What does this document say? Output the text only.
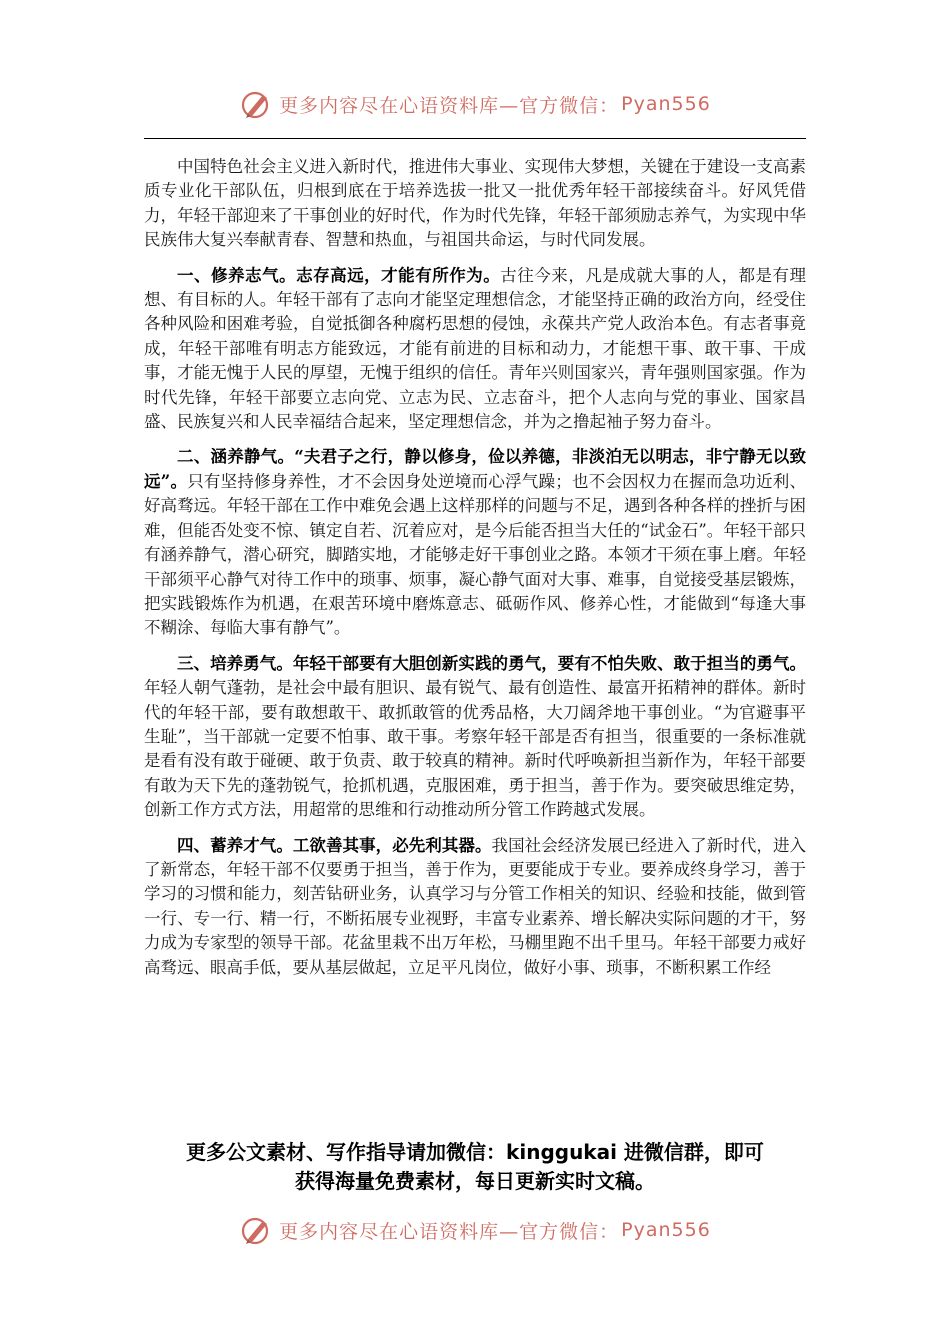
更多内容尽在心语资料库—官方微信： Pyan556

中国特色社会主义进入新时代，推进伟大事业、实现伟大梦想，关键在于建设一支高素质专业化干部队伍，归根到底在于培养选拔一批又一批优秀年轻干部接续奋斗。好风凭借力，年轻干部迎来了干事创业的好时代，作为时代先锋，年轻干部须励志养气，为实现中华民族伟大复兴奉献青春、智慧和热血，与祖国共命运，与时代同发展。

一、修养志气。志存高远，才能有所作为。古往今来，凡是成就大事的人，都是有理想、有目标的人。年轻干部有了志向才能坚定理想信念，才能坚持正确的政治方向，经受住各种风险和困难考验，自觉抵御各种腐朽思想的侵蚀，永葆共产党人政治本色。有志者事竟成，年轻干部唯有明志方能致远，才能有前进的目标和动力，才能想干事、敢干事、干成事，才能无愧于人民的厚望，无愧于组织的信任。青年兴则国家兴，青年强则国家强。作为时代先锋，年轻干部要立志向党、立志为民、立志奋斗，把个人志向与党的事业、国家昌盛、民族复兴和人民幸福结合起来，坚定理想信念，并为之撸起袖子努力奋斗。

二、涵养静气。“夫君子之行，静以修身，俭以养德，非淡泊无以明志，非宁静无以致远”。只有坚持修身养性，才不会因身处逆境而心浮气躁；也不会因权力在握而急功近利、好高骛远。年轻干部在工作中难免会遇上这样那样的问题与不足，遇到各种各样的挫折与困难，但能否处变不惊、镇定自若、沉着应对，是今后能否担当大任的“试金石”。年轻干部只有涵养静气，潜心研究，脚踏实地，才能够走好干事创业之路。本领才干须在事上磨。年轻干部须平心静气对待工作中的琐事、烦事，凝心静气面对大事、难事，自觉接受基层锻炼，把实践锻炼作为机遇，在艰苦环境中磨炼意志、砥砺作风、修养心性，才能做到“每逢大事不糊涂、每临大事有静气”。

三、培养勇气。年轻干部要有大胆创新实践的勇气，要有不怕失败、敢于担当的勇气。年轻人朝气蓬勃，是社会中最有胆识、最有锐气、最有创造性、最富开拓精神的群体。新时代的年轻干部，要有敢想敢干、敢抓敢管的优秀品格，大刀阔斧地干事创业。“为官避事平生耻”，当干部就一定要不怕事、敢干事。考察年轻干部是否有担当，很重要的一条标准就是看有没有敢于碰硬、敢于负责、敢于较真的精神。新时代呼唤新担当新作为，年轻干部要有敢为天下先的蓬勃锐气，抢抓机遇，克服困难，勇于担当，善于作为。要突破思维定势，创新工作方式方法，用超常的思维和行动推动所分管工作跨越式发展。

四、蓄养才气。工欲善其事，必先利其器。我国社会经济发展已经进入了新时代，进入了新常态，年轻干部不仅要勇于担当，善于作为，更要能成于专业。要养成终身学习，善于学习的习惯和能力，刻苦钻研业务，认真学习与分管工作相关的知识、经验和技能，做到管一行、专一行、精一行，不断拓展专业视野，丰富专业素养、增长解决实际问题的才干，努力成为专家型的领导干部。花盆里栽不出万年松，马棚里跑不出千里马。年轻干部要力戒好高骛远、眼高手低，要从基层做起，立足平凡岗位，做好小事、琐事，不断积累工作经

更多公文素材、写作指导请加微信：kinggukai 进微信群，即可
获得海量免费素材，每日更新实时文稿。
更多内容尽在心语资料库—官方微信： Pyan556
